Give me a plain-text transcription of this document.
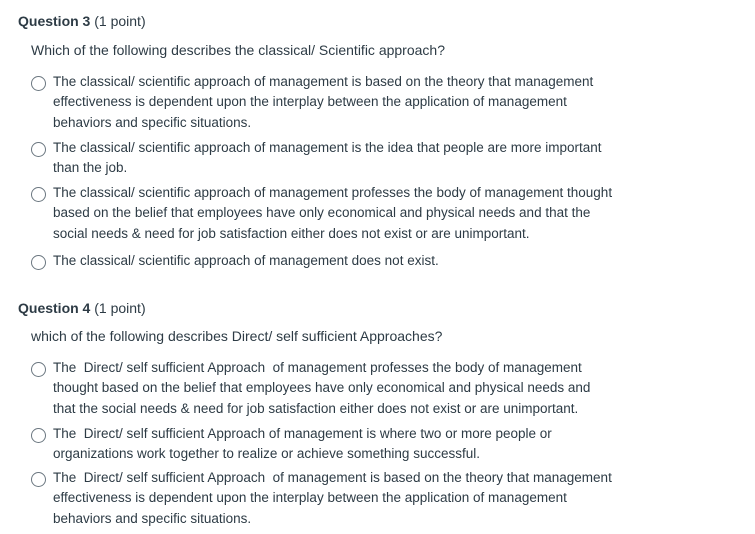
Question 3 (1 point)
Which of the following describes the classical/ Scientific approach?
The classical/ scientific approach of management is based on the theory that management effectiveness is dependent upon the interplay between the application of management behaviors and specific situations.
The classical/ scientific approach of management is the idea that people are more important than the job.
The classical/ scientific approach of management professes the body of management thought based on the belief that employees have only economical and physical needs and that the social needs & need for job satisfaction either does not exist or are unimportant.
The classical/ scientific approach of management does not exist.
Question 4 (1 point)
which of the following describes Direct/ self sufficient Approaches?
The  Direct/ self sufficient Approach  of management professes the body of management thought based on the belief that employees have only economical and physical needs and that the social needs & need for job satisfaction either does not exist or are unimportant.
The  Direct/ self sufficient Approach of management is where two or more people or organizations work together to realize or achieve something successful.
The  Direct/ self sufficient Approach  of management is based on the theory that management effectiveness is dependent upon the interplay between the application of management behaviors and specific situations.
